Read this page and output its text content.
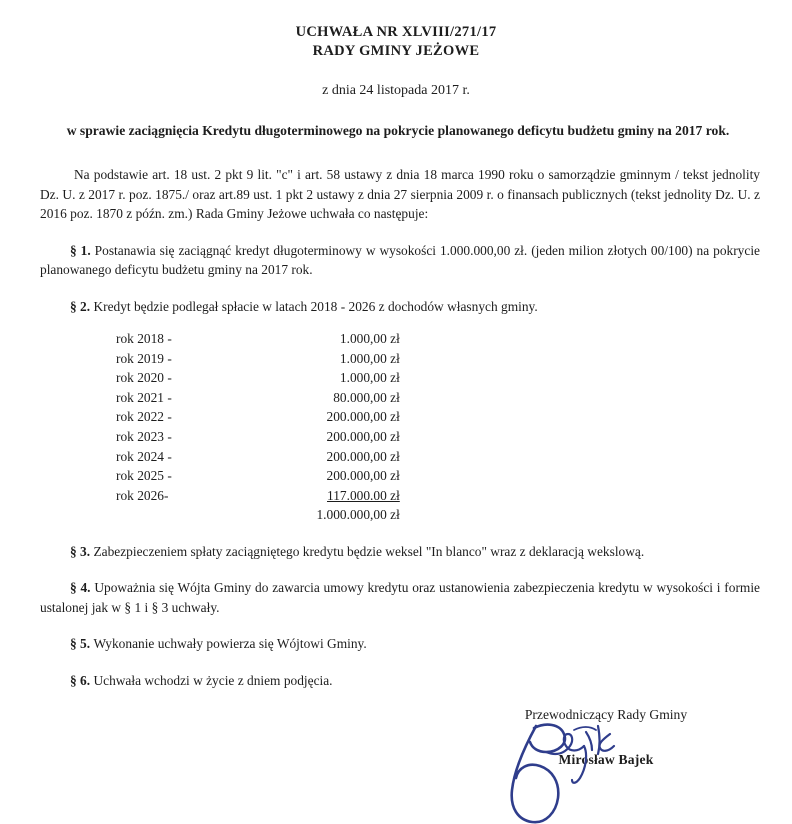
UCHWAŁA NR XLVIII/271/17
RADY GMINY JEŻOWE

z dnia 24 listopada 2017 r.

w sprawie zaciągnięcia Kredytu długoterminowego na pokrycie planowanego deficytu budżetu gminy na 2017 rok.

Na podstawie art. 18 ust. 2 pkt 9 lit. "c" i art. 58 ustawy z dnia 18 marca 1990 roku o samorządzie gminnym / tekst jednolity Dz. U. z 2017 r. poz. 1875./ oraz art.89 ust. 1 pkt 2 ustawy z dnia 27 sierpnia 2009 r. o finansach publicznych (tekst jednolity Dz. U. z 2016 poz. 1870 z późn. zm.) Rada Gminy Jeżowe uchwała co następuje:

§ 1. Postanawia się zaciągnąć kredyt długoterminowy w wysokości 1.000.000,00 zł. (jeden milion złotych 00/100) na pokrycie planowanego deficytu budżetu gminy na 2017 rok.

§ 2. Kredyt będzie podlegał spłacie w latach 2018 - 2026 z dochodów własnych gminy.

rok 2018 -	1.000,00 zł
rok 2019 -	1.000,00 zł
rok 2020 -	1.000,00 zł
rok 2021 -	80.000,00 zł
rok 2022 -	200.000,00 zł
rok 2023 -	200.000,00 zł
rok 2024 -	200.000,00 zł
rok 2025 -	200.000,00 zł
rok 2026-	117.000.00 zł
	1.000.000,00 zł

§ 3. Zabezpieczeniem spłaty zaciągniętego kredytu będzie weksel "In blanco" wraz z deklaracją wekslową.

§ 4. Upoważnia się Wójta Gminy do zawarcia umowy kredytu oraz ustanowienia zabezpieczenia kredytu w wysokości i formie ustalonej jak w § 1 i § 3 uchwały.

§ 5. Wykonanie uchwały powierza się Wójtowi Gminy.

§ 6. Uchwała wchodzi w życie z dniem podjęcia.

Przewodniczący Rady Gminy

Mirosław Bajek
